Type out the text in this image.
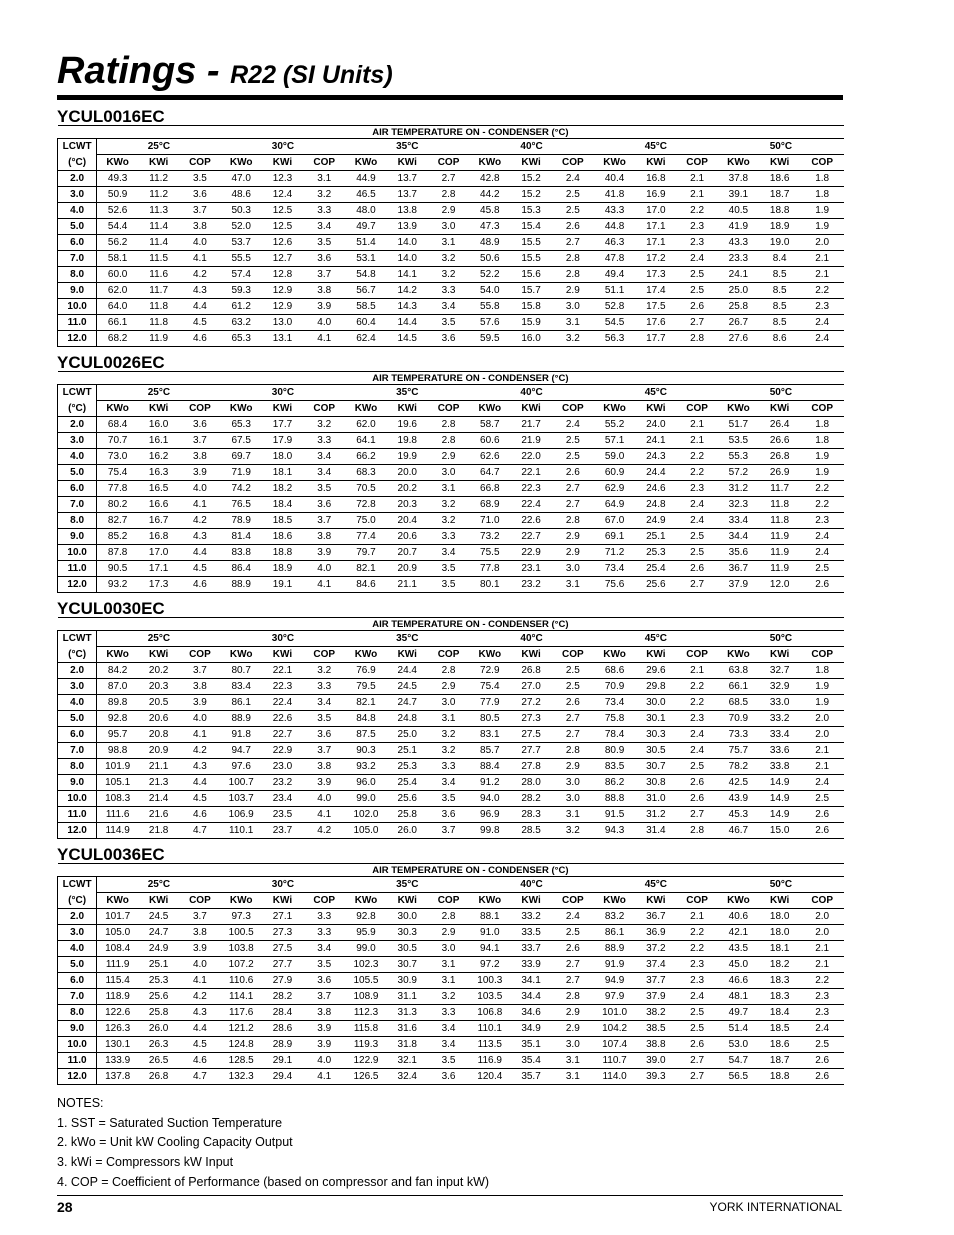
Ratings - R22 (SI Units)
YCUL0016EC
	AIR TEMPERATURE ON - CONDENSER (°C)																	
LCWT	25°C			30°C			35°C			40°C			45°C			50°C		
(°C)	KWo	KWi	COP	KWo	KWi	COP	KWo	KWi	COP	KWo	KWi	COP	KWo	KWi	COP	KWo	KWi	COP
2.0	49.3	11.2	3.5	47.0	12.3	3.1	44.9	13.7	2.7	42.8	15.2	2.4	40.4	16.8	2.1	37.8	18.6	1.8
3.0	50.9	11.2	3.6	48.6	12.4	3.2	46.5	13.7	2.8	44.2	15.2	2.5	41.8	16.9	2.1	39.1	18.7	1.8
4.0	52.6	11.3	3.7	50.3	12.5	3.3	48.0	13.8	2.9	45.8	15.3	2.5	43.3	17.0	2.2	40.5	18.8	1.9
5.0	54.4	11.4	3.8	52.0	12.5	3.4	49.7	13.9	3.0	47.3	15.4	2.6	44.8	17.1	2.3	41.9	18.9	1.9
6.0	56.2	11.4	4.0	53.7	12.6	3.5	51.4	14.0	3.1	48.9	15.5	2.7	46.3	17.1	2.3	43.3	19.0	2.0
7.0	58.1	11.5	4.1	55.5	12.7	3.6	53.1	14.0	3.2	50.6	15.5	2.8	47.8	17.2	2.4	23.3	8.4	2.1
8.0	60.0	11.6	4.2	57.4	12.8	3.7	54.8	14.1	3.2	52.2	15.6	2.8	49.4	17.3	2.5	24.1	8.5	2.1
9.0	62.0	11.7	4.3	59.3	12.9	3.8	56.7	14.2	3.3	54.0	15.7	2.9	51.1	17.4	2.5	25.0	8.5	2.2
10.0	64.0	11.8	4.4	61.2	12.9	3.9	58.5	14.3	3.4	55.8	15.8	3.0	52.8	17.5	2.6	25.8	8.5	2.3
11.0	66.1	11.8	4.5	63.2	13.0	4.0	60.4	14.4	3.5	57.6	15.9	3.1	54.5	17.6	2.7	26.7	8.5	2.4
12.0	68.2	11.9	4.6	65.3	13.1	4.1	62.4	14.5	3.6	59.5	16.0	3.2	56.3	17.7	2.8	27.6	8.6	2.4
YCUL0026EC
	AIR TEMPERATURE ON - CONDENSER (°C)																	
LCWT	25°C			30°C			35°C			40°C			45°C			50°C		
(°C)	KWo	KWi	COP	KWo	KWi	COP	KWo	KWi	COP	KWo	KWi	COP	KWo	KWi	COP	KWo	KWi	COP
2.0	68.4	16.0	3.6	65.3	17.7	3.2	62.0	19.6	2.8	58.7	21.7	2.4	55.2	24.0	2.1	51.7	26.4	1.8
3.0	70.7	16.1	3.7	67.5	17.9	3.3	64.1	19.8	2.8	60.6	21.9	2.5	57.1	24.1	2.1	53.5	26.6	1.8
4.0	73.0	16.2	3.8	69.7	18.0	3.4	66.2	19.9	2.9	62.6	22.0	2.5	59.0	24.3	2.2	55.3	26.8	1.9
5.0	75.4	16.3	3.9	71.9	18.1	3.4	68.3	20.0	3.0	64.7	22.1	2.6	60.9	24.4	2.2	57.2	26.9	1.9
6.0	77.8	16.5	4.0	74.2	18.2	3.5	70.5	20.2	3.1	66.8	22.3	2.7	62.9	24.6	2.3	31.2	11.7	2.2
7.0	80.2	16.6	4.1	76.5	18.4	3.6	72.8	20.3	3.2	68.9	22.4	2.7	64.9	24.8	2.4	32.3	11.8	2.2
8.0	82.7	16.7	4.2	78.9	18.5	3.7	75.0	20.4	3.2	71.0	22.6	2.8	67.0	24.9	2.4	33.4	11.8	2.3
9.0	85.2	16.8	4.3	81.4	18.6	3.8	77.4	20.6	3.3	73.2	22.7	2.9	69.1	25.1	2.5	34.4	11.9	2.4
10.0	87.8	17.0	4.4	83.8	18.8	3.9	79.7	20.7	3.4	75.5	22.9	2.9	71.2	25.3	2.5	35.6	11.9	2.4
11.0	90.5	17.1	4.5	86.4	18.9	4.0	82.1	20.9	3.5	77.8	23.1	3.0	73.4	25.4	2.6	36.7	11.9	2.5
12.0	93.2	17.3	4.6	88.9	19.1	4.1	84.6	21.1	3.5	80.1	23.2	3.1	75.6	25.6	2.7	37.9	12.0	2.6
YCUL0030EC
	AIR TEMPERATURE ON - CONDENSER (°C)																	
LCWT	25°C			30°C			35°C			40°C			45°C			50°C		
(°C)	KWo	KWi	COP	KWo	KWi	COP	KWo	KWi	COP	KWo	KWi	COP	KWo	KWi	COP	KWo	KWi	COP
2.0	84.2	20.2	3.7	80.7	22.1	3.2	76.9	24.4	2.8	72.9	26.8	2.5	68.6	29.6	2.1	63.8	32.7	1.8
3.0	87.0	20.3	3.8	83.4	22.3	3.3	79.5	24.5	2.9	75.4	27.0	2.5	70.9	29.8	2.2	66.1	32.9	1.9
4.0	89.8	20.5	3.9	86.1	22.4	3.4	82.1	24.7	3.0	77.9	27.2	2.6	73.4	30.0	2.2	68.5	33.0	1.9
5.0	92.8	20.6	4.0	88.9	22.6	3.5	84.8	24.8	3.1	80.5	27.3	2.7	75.8	30.1	2.3	70.9	33.2	2.0
6.0	95.7	20.8	4.1	91.8	22.7	3.6	87.5	25.0	3.2	83.1	27.5	2.7	78.4	30.3	2.4	73.3	33.4	2.0
7.0	98.8	20.9	4.2	94.7	22.9	3.7	90.3	25.1	3.2	85.7	27.7	2.8	80.9	30.5	2.4	75.7	33.6	2.1
8.0	101.9	21.1	4.3	97.6	23.0	3.8	93.2	25.3	3.3	88.4	27.8	2.9	83.5	30.7	2.5	78.2	33.8	2.1
9.0	105.1	21.3	4.4	100.7	23.2	3.9	96.0	25.4	3.4	91.2	28.0	3.0	86.2	30.8	2.6	42.5	14.9	2.4
10.0	108.3	21.4	4.5	103.7	23.4	4.0	99.0	25.6	3.5	94.0	28.2	3.0	88.8	31.0	2.6	43.9	14.9	2.5
11.0	111.6	21.6	4.6	106.9	23.5	4.1	102.0	25.8	3.6	96.9	28.3	3.1	91.5	31.2	2.7	45.3	14.9	2.6
12.0	114.9	21.8	4.7	110.1	23.7	4.2	105.0	26.0	3.7	99.8	28.5	3.2	94.3	31.4	2.8	46.7	15.0	2.6
YCUL0036EC
	AIR TEMPERATURE ON - CONDENSER (°C)																	
LCWT	25°C			30°C			35°C			40°C			45°C			50°C		
(°C)	KWo	KWi	COP	KWo	KWi	COP	KWo	KWi	COP	KWo	KWi	COP	KWo	KWi	COP	KWo	KWi	COP
2.0	101.7	24.5	3.7	97.3	27.1	3.3	92.8	30.0	2.8	88.1	33.2	2.4	83.2	36.7	2.1	40.6	18.0	2.0
3.0	105.0	24.7	3.8	100.5	27.3	3.3	95.9	30.3	2.9	91.0	33.5	2.5	86.1	36.9	2.2	42.1	18.0	2.0
4.0	108.4	24.9	3.9	103.8	27.5	3.4	99.0	30.5	3.0	94.1	33.7	2.6	88.9	37.2	2.2	43.5	18.1	2.1
5.0	111.9	25.1	4.0	107.2	27.7	3.5	102.3	30.7	3.1	97.2	33.9	2.7	91.9	37.4	2.3	45.0	18.2	2.1
6.0	115.4	25.3	4.1	110.6	27.9	3.6	105.5	30.9	3.1	100.3	34.1	2.7	94.9	37.7	2.3	46.6	18.3	2.2
7.0	118.9	25.6	4.2	114.1	28.2	3.7	108.9	31.1	3.2	103.5	34.4	2.8	97.9	37.9	2.4	48.1	18.3	2.3
8.0	122.6	25.8	4.3	117.6	28.4	3.8	112.3	31.3	3.3	106.8	34.6	2.9	101.0	38.2	2.5	49.7	18.4	2.3
9.0	126.3	26.0	4.4	121.2	28.6	3.9	115.8	31.6	3.4	110.1	34.9	2.9	104.2	38.5	2.5	51.4	18.5	2.4
10.0	130.1	26.3	4.5	124.8	28.9	3.9	119.3	31.8	3.4	113.5	35.1	3.0	107.4	38.8	2.6	53.0	18.6	2.5
11.0	133.9	26.5	4.6	128.5	29.1	4.0	122.9	32.1	3.5	116.9	35.4	3.1	110.7	39.0	2.7	54.7	18.7	2.6
12.0	137.8	26.8	4.7	132.3	29.4	4.1	126.5	32.4	3.6	120.4	35.7	3.1	114.0	39.3	2.7	56.5	18.8	2.6
NOTES:
1. SST = Saturated Suction Temperature
2. kWo = Unit kW Cooling Capacity Output
3. kWi = Compressors kW Input
4. COP = Coefficient of Performance (based on compressor and fan input kW)
28	YORK INTERNATIONAL
